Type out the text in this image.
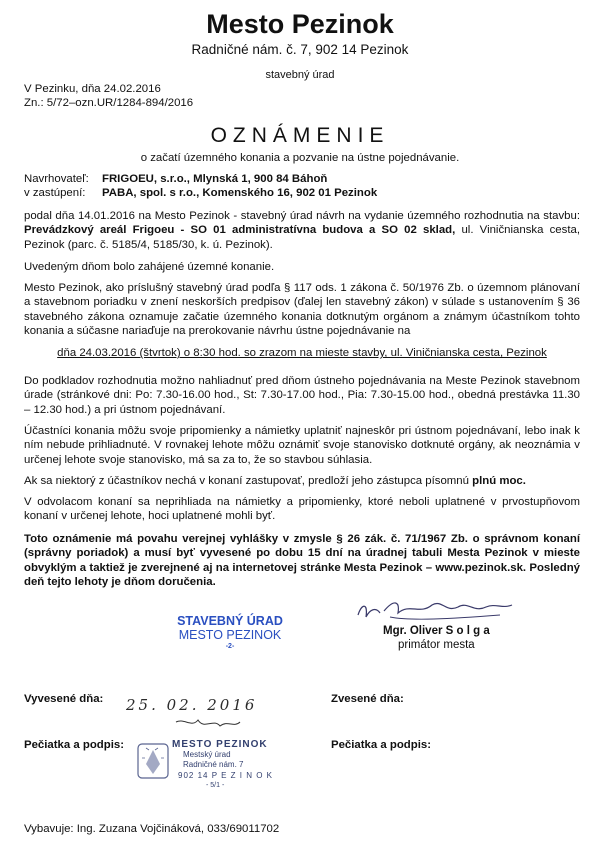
Mesto Pezinok
Radničné nám. č. 7, 902 14 Pezinok
stavebný úrad
V Pezinku, dňa 24.02.2016
Zn.: 5/72–ozn.UR/1284-894/2016
OZNÁMENIE
o začatí územného konania a pozvanie na ústne pojednávanie.
Navrhovateľ: FRIGOEU, s.r.o., Mlynská 1, 900 84 Báhoň
v zastúpení: PABA, spol. s r.o., Komenského 16, 902 01 Pezinok
podal dňa 14.01.2016 na Mesto Pezinok - stavebný úrad návrh na vydanie územného rozhodnutia na stavbu: Prevádzkový areál Frigoeu - SO 01 administratívna budova a SO 02 sklad, ul. Viničnianska cesta, Pezinok (parc. č. 5185/4, 5185/30, k. ú. Pezinok).
Uvedeným dňom bolo zahájené územné konanie.
Mesto Pezinok, ako príslušný stavebný úrad podľa § 117 ods. 1 zákona č. 50/1976 Zb. o územnom plánovaní a stavebnom poriadku v znení neskorších predpisov (ďalej len stavebný zákon) v súlade s ustanovením § 36 stavebného zákona oznamuje začatie územného konania dotknutým orgánom a známym účastníkom tohto konania a súčasne nariaďuje na prerokovanie návrhu ústne pojednávanie na
dňa 24.03.2016 (štvrtok) o 8:30 hod. so zrazom na mieste stavby, ul. Viničnianska cesta, Pezinok
Do podkladov rozhodnutia možno nahliadnuť pred dňom ústneho pojednávania na Meste Pezinok stavebnom úrade (stránkové dni: Po: 7.30-16.00 hod., St: 7.30-17.00 hod., Pia: 7.30-15.00 hod., obedná prestávka 11.30 – 12.30 hod.) a pri ústnom pojednávaní.
Účastníci konania môžu svoje pripomienky a námietky uplatniť najneskôr pri ústnom pojednávaní, lebo inak k ním nebude prihliadnuté. V rovnakej lehote môžu oznámiť svoje stanovisko dotknuté orgány, ak neoznámia v určenej lehote svoje stanovisko, má sa za to, že so stavbou súhlasia.
Ak sa niektorý z účastníkov nechá v konaní zastupovať, predloží jeho zástupca písomnú plnú moc.
V odvolacom konaní sa neprihliada na námietky a pripomienky, ktoré neboli uplatnené v prvostupňovom konaní v určenej lehote, hoci uplatnené mohli byť.
Toto oznámenie má povahu verejnej vyhlášky v zmysle § 26 zák. č. 71/1967 Zb. o správnom konaní (správny poriadok) a musí byť vyvesené po dobu 15 dní na úradnej tabuli Mesta Pezinok v mieste obvyklým a taktiež je zverejnené aj na internetovej stránke Mesta Pezinok – www.pezinok.sk. Posledný deň tejto lehoty je dňom doručenia.
STAVEBNÝ ÚRAD
MESTO PEZINOK
-2-
Mgr. Oliver S o l g a
primátor mesta
Vyvesené dňa: 25. 02. 2016	Zvesené dňa:
Pečiatka a podpis:	Pečiatka a podpis:
MESTO PEZINOK
Mestský úrad
Radničné nám. 7
902 14 P E Z I N O K
- 5/1 -
Vybavuje: Ing. Zuzana Vojčináková, 033/69011702
